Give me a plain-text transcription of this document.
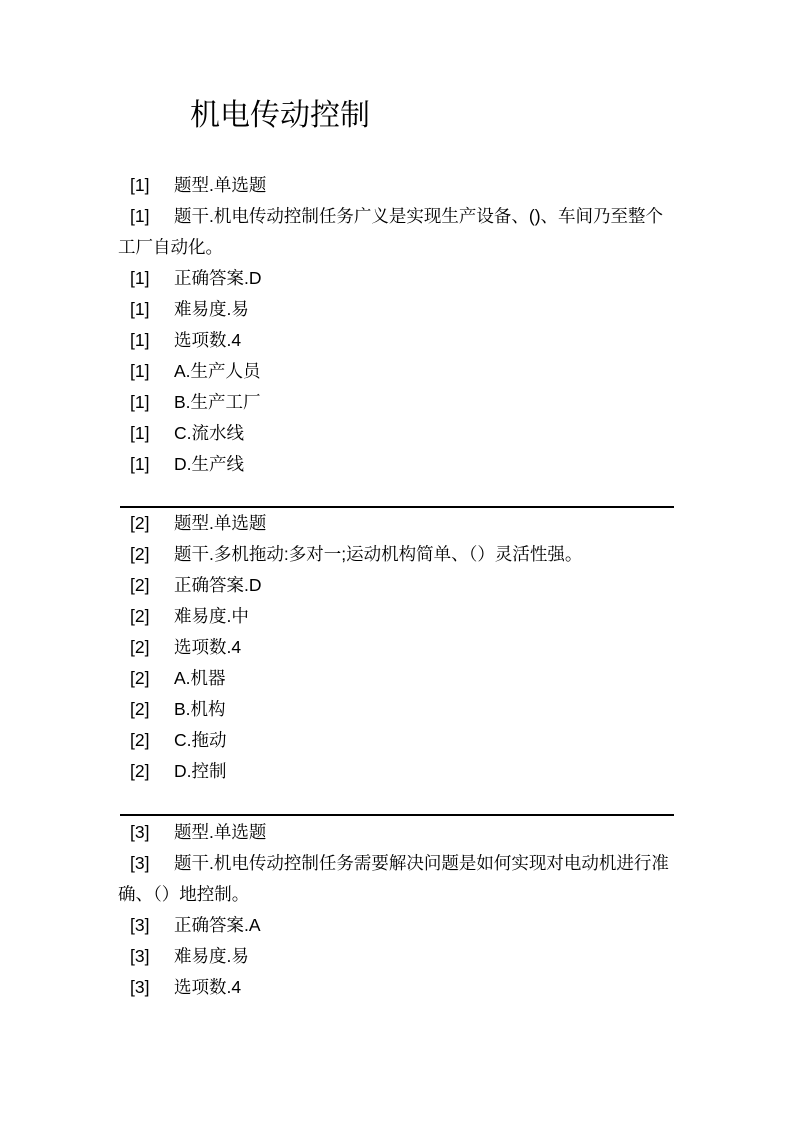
机电传动控制

[1] 题型.单选题

[1] 题干.机电传动控制任务广义是实现生产设备、()、车间乃至整个工厂自动化。

[1] 正确答案.D

[1] 难易度.易

[1] 选项数.4

[1] A.生产人员

[1] B.生产工厂

[1] C.流水线

[1] D.生产线

[2] 题型.单选题

[2] 题干.多机拖动:多对一;运动机构简单、（）灵活性强。

[2] 正确答案.D

[2] 难易度.中

[2] 选项数.4

[2] A.机器

[2] B.机构

[2] C.拖动

[2] D.控制

[3] 题型.单选题

[3] 题干.机电传动控制任务需要解决问题是如何实现对电动机进行准确、（）地控制。

[3] 正确答案.A

[3] 难易度.易

[3] 选项数.4
